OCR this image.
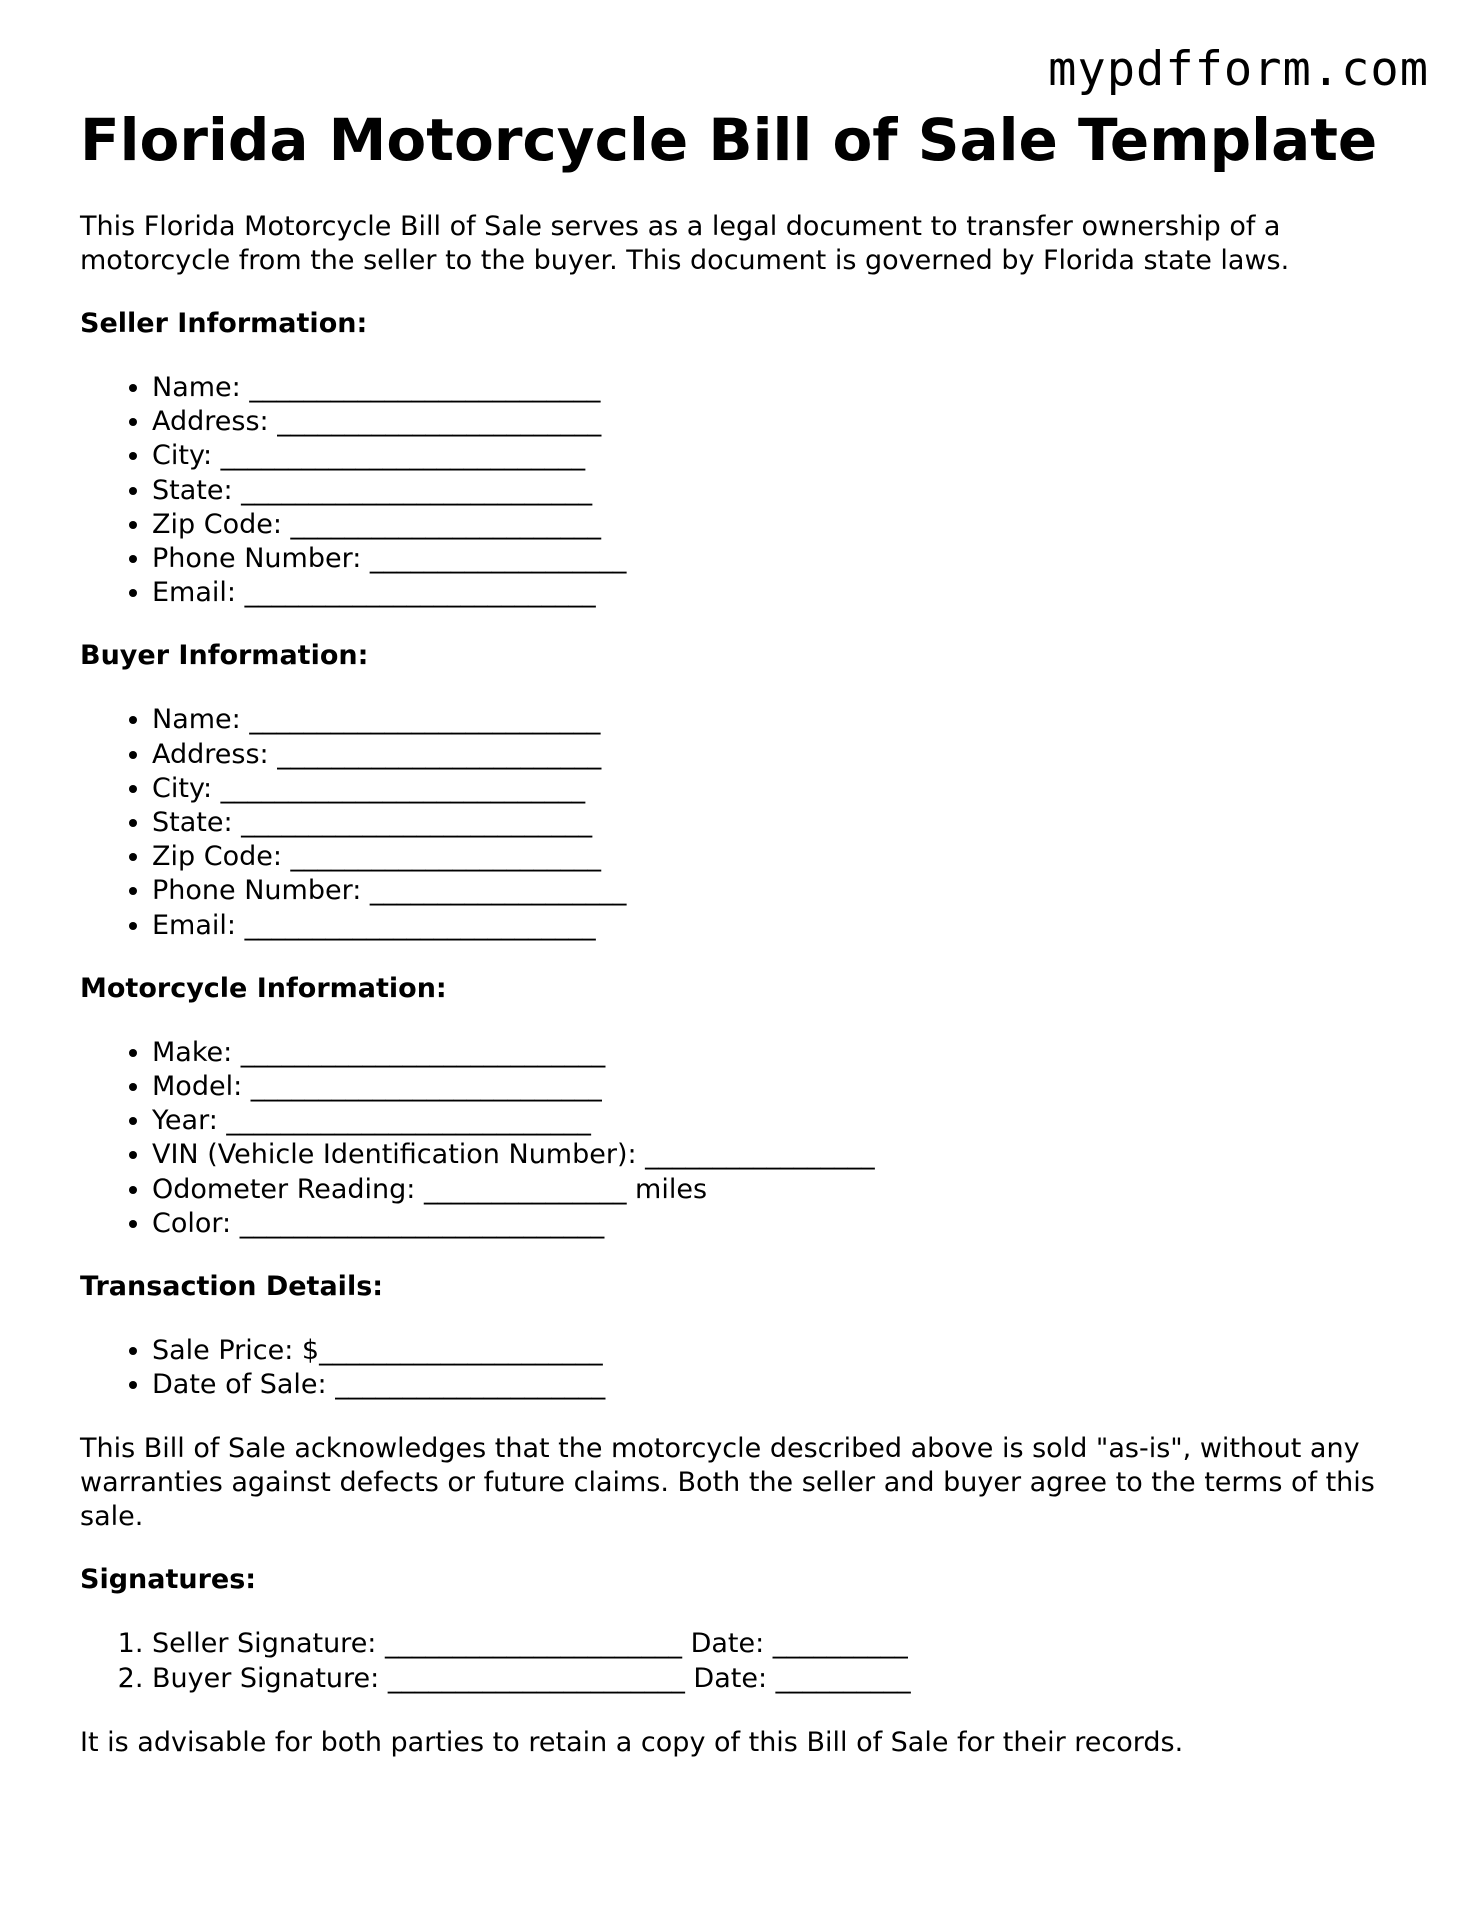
mypdfform.com
Florida Motorcycle Bill of Sale Template

This Florida Motorcycle Bill of Sale serves as a legal document to transfer ownership of a motorcycle from the seller to the buyer. This document is governed by Florida state laws.

Seller Information:
• Name: __________________________
• Address: ________________________
• City: ___________________________
• State: __________________________
• Zip Code: _______________________
• Phone Number: ___________________
• Email: __________________________
Buyer Information:
• Name: __________________________
• Address: ________________________
• City: ___________________________
• State: __________________________
• Zip Code: _______________________
• Phone Number: ___________________
• Email: __________________________
Motorcycle Information:
• Make: ___________________________
• Model: __________________________
• Year: ___________________________
• VIN (Vehicle Identification Number): _________________
• Odometer Reading: _______________ miles
• Color: ___________________________
Transaction Details:
• Sale Price: $_____________________
• Date of Sale: ____________________

This Bill of Sale acknowledges that the motorcycle described above is sold "as-is", without any warranties against defects or future claims. Both the seller and buyer agree to the terms of this sale.

Signatures:
1. Seller Signature: ______________________ Date: __________
2. Buyer Signature: ______________________ Date: __________

It is advisable for both parties to retain a copy of this Bill of Sale for their records.
